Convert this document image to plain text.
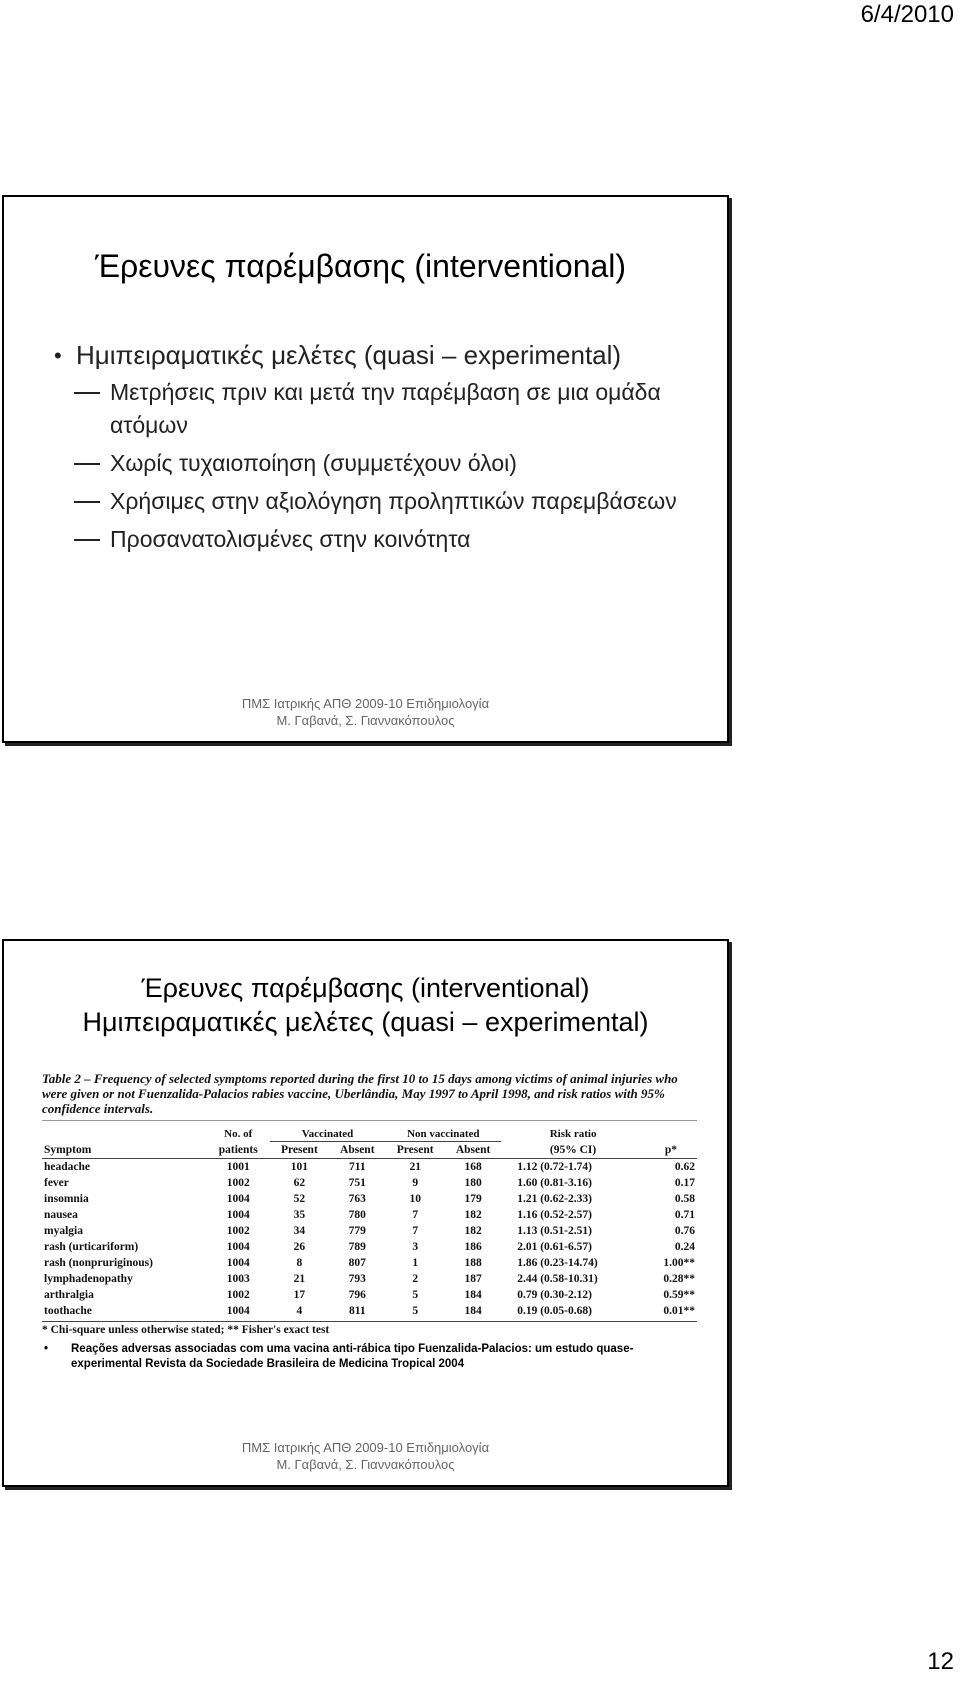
6/4/2010
Έρευνες παρέμβασης (interventional)
• Ημιπειραματικές μελέτες (quasi – experimental)
Μετρήσεις πριν και μετά την παρέμβαση σε μια ομάδα ατόμων
Χωρίς τυχαιοποίηση (συμμετέχουν όλοι)
Χρήσιμες στην αξιολόγηση προληπτικών παρεμβάσεων
Προσανατολισμένες στην κοινότητα
ΠΜΣ Ιατρικής ΑΠΘ 2009-10 Επιδημιολογία
Μ. Γαβανά, Σ. Γιαννακόπουλος
Έρευνες παρέμβασης (interventional)
Ημιπειραματικές μελέτες (quasi – experimental)
Table 2 – Frequency of selected symptoms reported during the first 10 to 15 days among victims of animal injuries who were given or not Fuenzalida-Palacios rabies vaccine, Uberlândia, May 1997 to April 1998, and risk ratios with 95% confidence intervals.
	No. of	Vaccinated		Non vaccinated		Risk ratio	
Symptom	patients	Present	Absent	Present	Absent	(95% CI)	p*
headache	1001	101	711	21	168	1.12 (0.72-1.74)	0.62
fever	1002	62	751	9	180	1.60 (0.81-3.16)	0.17
insomnia	1004	52	763	10	179	1.21 (0.62-2.33)	0.58
nausea	1004	35	780	7	182	1.16 (0.52-2.57)	0.71
myalgia	1002	34	779	7	182	1.13 (0.51-2.51)	0.76
rash (urticariform)	1004	26	789	3	186	2.01 (0.61-6.57)	0.24
rash (nonpruriginous)	1004	8	807	1	188	1.86 (0.23-14.74)	1.00**
lymphadenopathy	1003	21	793	2	187	2.44 (0.58-10.31)	0.28**
arthralgia	1002	17	796	5	184	0.79 (0.30-2.12)	0.59**
toothache	1004	4	811	5	184	0.19 (0.05-0.68)	0.01**
* Chi-square unless otherwise stated; ** Fisher's exact test
•	Reações adversas associadas com uma vacina anti-rábica tipo Fuenzalida-Palacios: um estudo quase-experimental Revista da Sociedade Brasileira de Medicina Tropical 2004
ΠΜΣ Ιατρικής ΑΠΘ 2009-10 Επιδημιολογία
Μ. Γαβανά, Σ. Γιαννακόπουλος
12
